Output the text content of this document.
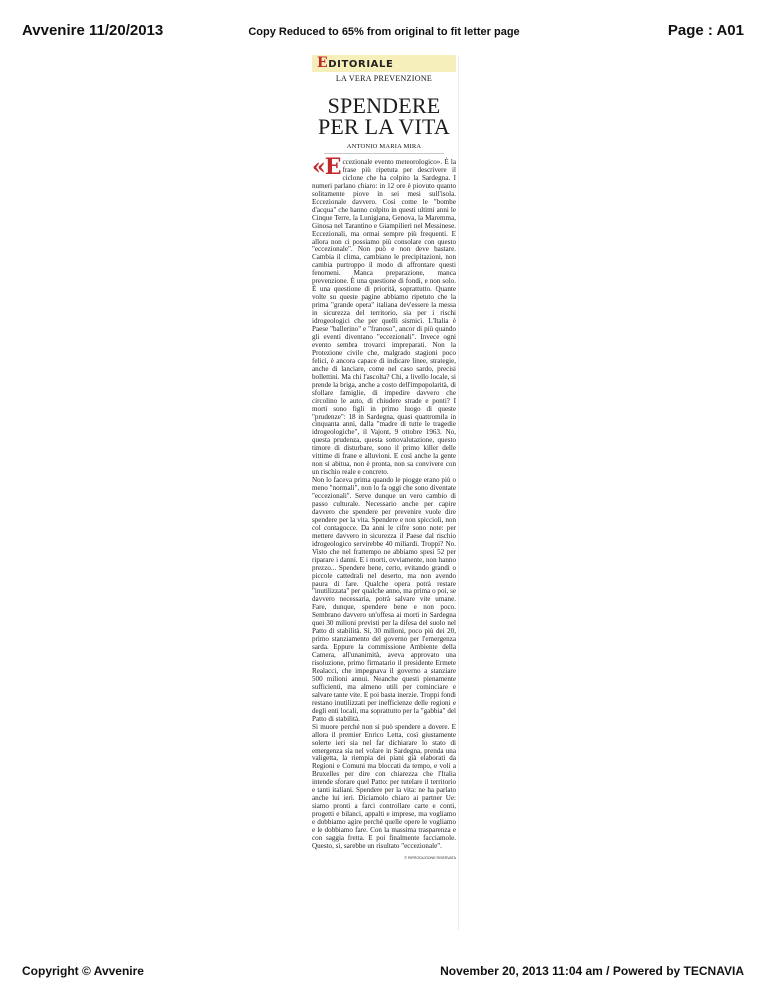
Avvenire 11/20/2013	Copy Reduced to 65% from original to fit letter page	Page : A01
EDITORIALE
LA VERA PREVENZIONE
SPENDERE
PER LA VITA
ANTONIO MARIA MIRA

«Eccezionale evento meteorologico». È la frase più ripetuta per descrivere il ciclone che ha colpito la Sardegna. I numeri parlano chiaro: in 12 ore è piovuto quanto solitamente piove in sei mesi sull'isola. Eccezionale davvero. Così come le "bombe d'acqua" che hanno colpito in questi ultimi anni le Cinque Terre, la Lunigiana, Genova, la Maremma, Ginosa nel Tarantino e Giampilieri nel Messinese. Eccezionali, ma ormai sempre più frequenti. E allora non ci possiamo più consolare con questo "eccezionale". Non può e non deve bastare. Cambia il clima, cambiano le precipitazioni, non cambia purtroppo il modo di affrontare questi fenomeni. Manca preparazione, manca prevenzione. È una questione di fondi, e non solo. È una questione di priorità, soprattutto. Quante volte su queste pagine abbiamo ripetuto che la prima "grande opera" italiana dev'essere la messa in sicurezza del territorio, sia per i rischi idrogeologici che per quelli sismici. L'Italia è Paese "ballerino" e "franoso", ancor di più quando gli eventi diventano "eccezionali". Invece ogni evento sembra trovarci impreparati. Non la Protezione civile che, malgrado stagioni poco felici, è ancora capace di indicare linee, strategie, anche di lanciare, come nel caso sardo, precisi bollettini. Ma chi l'ascolta? Chi, a livello locale, si prende la briga, anche a costo dell'impopolarità, di sfollare famiglie, di impedire davvero che circolino le auto, di chiudere strade e ponti? I morti sono figli in primo luogo di queste "prudenze": 18 in Sardegna, quasi quattromila in cinquanta anni, dalla "madre di tutte le tragedie idrogeologiche", il Vajont, 9 ottobre 1963. No, questa prudenza, questa sottovalutazione, questo timore di disturbare, sono il primo killer delle vittime di frane e alluvioni. E così anche la gente non si abitua, non è pronta, non sa convivere con un rischio reale e concreto.

Non lo faceva prima quando le piogge erano più o meno "normali", non lo fa oggi che sono diventate "eccezionali". Serve dunque un vero cambio di passo culturale. Necessario anche per capire davvero che spendere per prevenire vuole dire spendere per la vita. Spendere e non spiccioli, non col contagocce. Da anni le cifre sono note: per mettere davvero in sicurezza il Paese dal rischio idrogeologico servirebbe 40 miliardi. Troppi? No. Visto che nel frattempo ne abbiamo spesi 52 per riparare i danni. E i morti, ovviamente, non hanno prezzo... Spendere bene, certo, evitando grandi o piccole cattedrali nel deserto, ma non avendo paura di fare. Qualche opera potrà restare "inutilizzata" per qualche anno, ma prima o poi, se davvero necessaria, potrà salvare vite umane. Fare, dunque, spendere bene e non poco. Sembrano davvero un'offesa ai morti in Sardegna quei 30 milioni previsti per la difesa del suolo nel Patto di stabilità. Sì, 30 milioni, poco più dei 20, primo stanziamento del governo per l'emergenza sarda. Eppure la commissione Ambiente della Camera, all'unanimità, aveva approvato una risoluzione, primo firmatario il presidente Ermete Realacci, che impegnava il governo a stanziare 500 milioni annui. Neanche questi pienamente sufficienti, ma almeno utili per cominciare e salvare tante vite. E poi basta inerzie. Troppi fondi restano inutilizzati per inefficienze delle regioni e degli enti locali, ma soprattutto per la "gabbia" del Patto di stabilità.

Si muore perché non si può spendere a dovere. E allora il premier Enrico Letta, così giustamente solerte ieri sia nel far dichiarare lo stato di emergenza sia nel volare in Sardegna, prenda una valigetta, la riempia dei piani già elaborati da Regioni e Comuni ma bloccati da tempo, e voli a Bruxelles per dire con chiarezza che l'Italia intende sforare quel Patto: per tutelare il territorio e tanti italiani. Spendere per la vita: ne ha parlato anche lui ieri. Diciamolo chiaro ai partner Ue: siamo pronti a farci controllare carte e conti, progetti e bilanci, appalti e imprese, ma vogliamo e dobbiamo agire perché quelle opere le vogliamo e le dobbiamo fare. Con la massima trasparenza e con saggia fretta. E poi finalmente facciamole. Questo, sì, sarebbe un risultato "eccezionale".

© RIPRODUZIONE RISERVATA
Copyright © Avvenire	November 20, 2013 11:04 am / Powered by TECNAVIA
